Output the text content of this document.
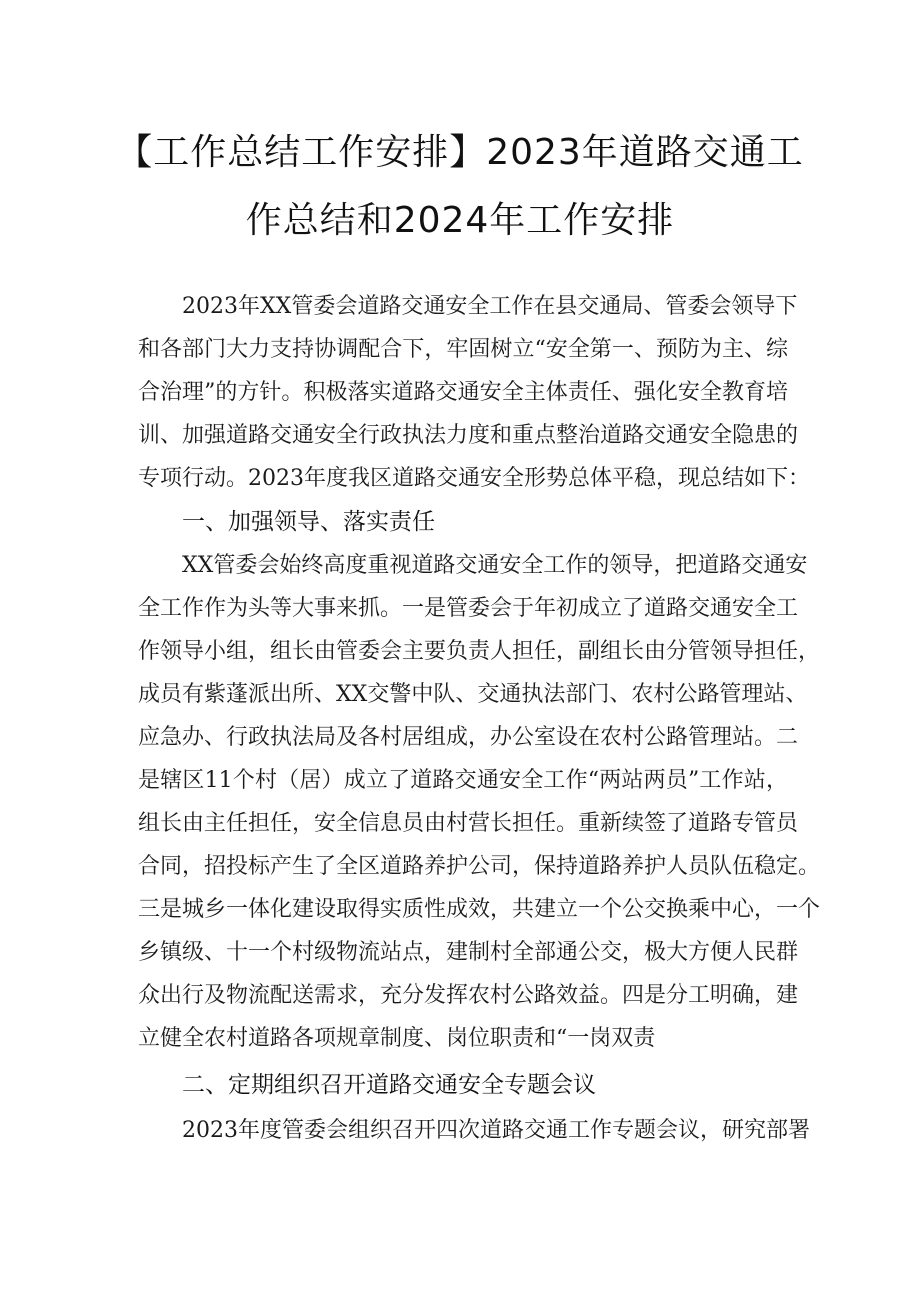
【工作总结工作安排】2023年道路交通工
作总结和2024年工作安排
2023年XX管委会道路交通安全工作在县交通局、管委会领导下
和各部门大力支持协调配合下，牢固树立“安全第一、预防为主、综
合治理”的方针。积极落实道路交通安全主体责任、强化安全教育培
训、加强道路交通安全行政执法力度和重点整治道路交通安全隐患的
专项行动。2023年度我区道路交通安全形势总体平稳，现总结如下：
一、加强领导、落实责任
XX管委会始终高度重视道路交通安全工作的领导，把道路交通安
全工作作为头等大事来抓。一是管委会于年初成立了道路交通安全工
作领导小组，组长由管委会主要负责人担任，副组长由分管领导担任，
成员有紫蓬派出所、XX交警中队、交通执法部门、农村公路管理站、
应急办、行政执法局及各村居组成，办公室设在农村公路管理站。二
是辖区11个村（居）成立了道路交通安全工作“两站两员”工作站，
组长由主任担任，安全信息员由村营长担任。重新续签了道路专管员
合同，招投标产生了全区道路养护公司，保持道路养护人员队伍稳定。
三是城乡一体化建设取得实质性成效，共建立一个公交换乘中心，一个
乡镇级、十一个村级物流站点，建制村全部通公交，极大方便人民群
众出行及物流配送需求，充分发挥农村公路效益。四是分工明确，建
立健全农村道路各项规章制度、岗位职责和“一岗双责
二、定期组织召开道路交通安全专题会议
2023年度管委会组织召开四次道路交通工作专题会议，研究部署
